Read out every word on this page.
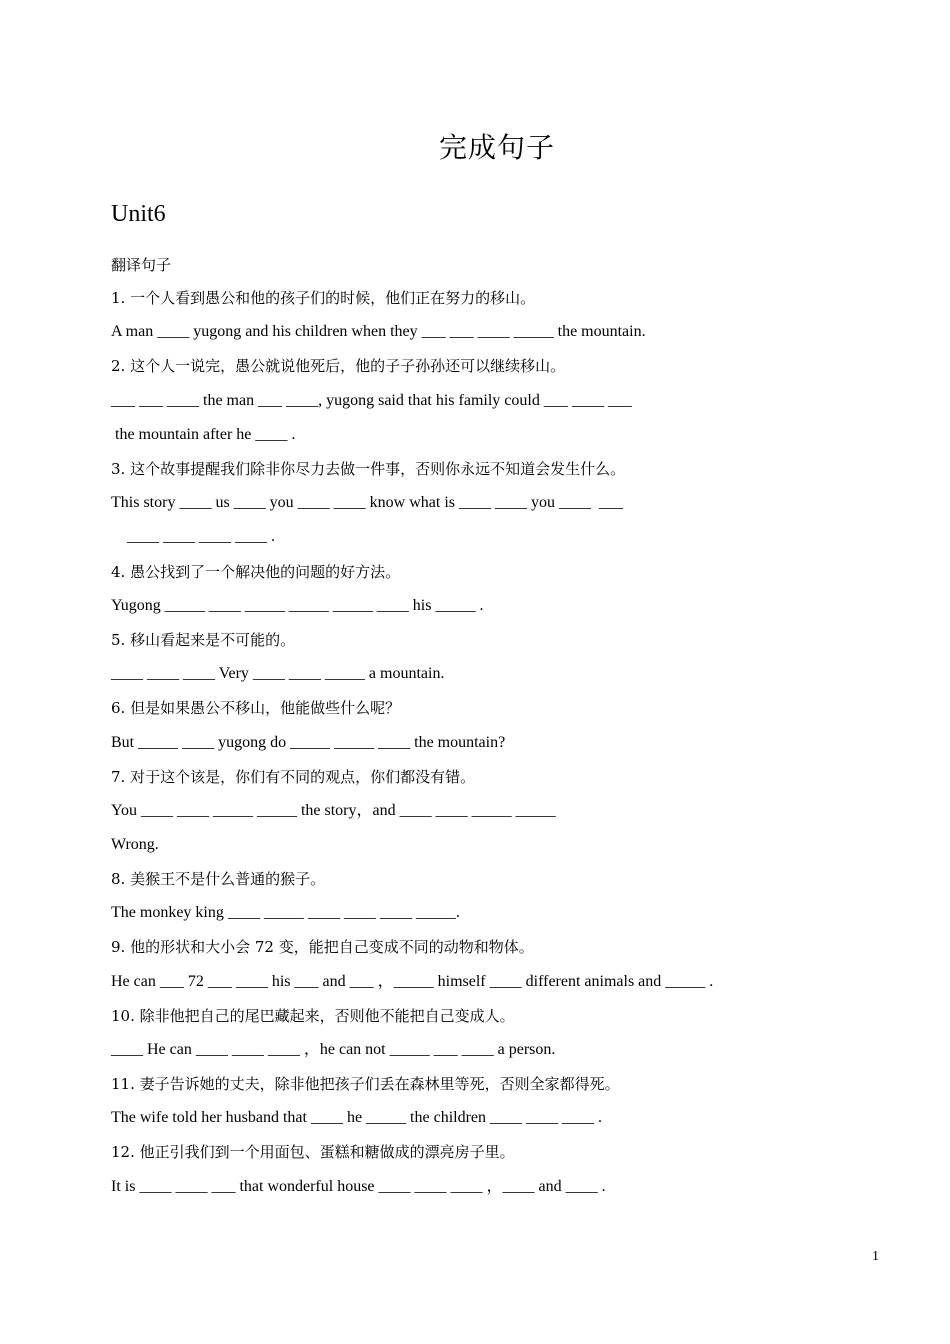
完成句子
Unit6
翻译句子
1. 一个人看到愚公和他的孩子们的时候，他们正在努力的移山。
A man ____ yugong and his children when they ___ ___ ____ _____ the mountain.
2. 这个人一说完，愚公就说他死后，他的子子孙孙还可以继续移山。
___ ___ ____ the man ___ ____, yugong said that his family could ___ ____ ___
the mountain after he ____ .
3. 这个故事提醒我们除非你尽力去做一件事，否则你永远不知道会发生什么。
This story ____ us ____ you ____ ____ know what is ____ ____ you ____  ___
____ ____ ____ ____ .
4. 愚公找到了一个解决他的问题的好方法。
Yugong _____ ____ _____ _____ _____ ____ his _____ .
5. 移山看起来是不可能的。
____ ____ ____ Very ____ ____ _____ a mountain.
6. 但是如果愚公不移山，他能做些什么呢？
But _____ ____ yugong do _____ _____ ____ the mountain?
7. 对于这个该是，你们有不同的观点，你们都没有错。
You ____ ____ _____ _____ the story，and ____ ____ _____ _____
Wrong.
8. 美猴王不是什么普通的猴子。
The monkey king ____ _____ ____ ____ ____ _____.
9. 他的形状和大小会 72 变，能把自己变成不同的动物和物体。
He can ___ 72 ___ ____ his ___ and ___ ，_____ himself ____ different animals and _____ .
10. 除非他把自己的尾巴藏起来，否则他不能把自己变成人。
____ He can ____ ____ ____ ，he can not _____ ___ ____ a person.
11. 妻子告诉她的丈夫，除非他把孩子们丢在森林里等死，否则全家都得死。
The wife told her husband that ____ he _____ the children ____ ____ ____ .
12. 他正引我们到一个用面包、蛋糕和糖做成的漂亮房子里。
It is ____ ____ ___ that wonderful house ____ ____ ____ ，____ and ____ .
1
